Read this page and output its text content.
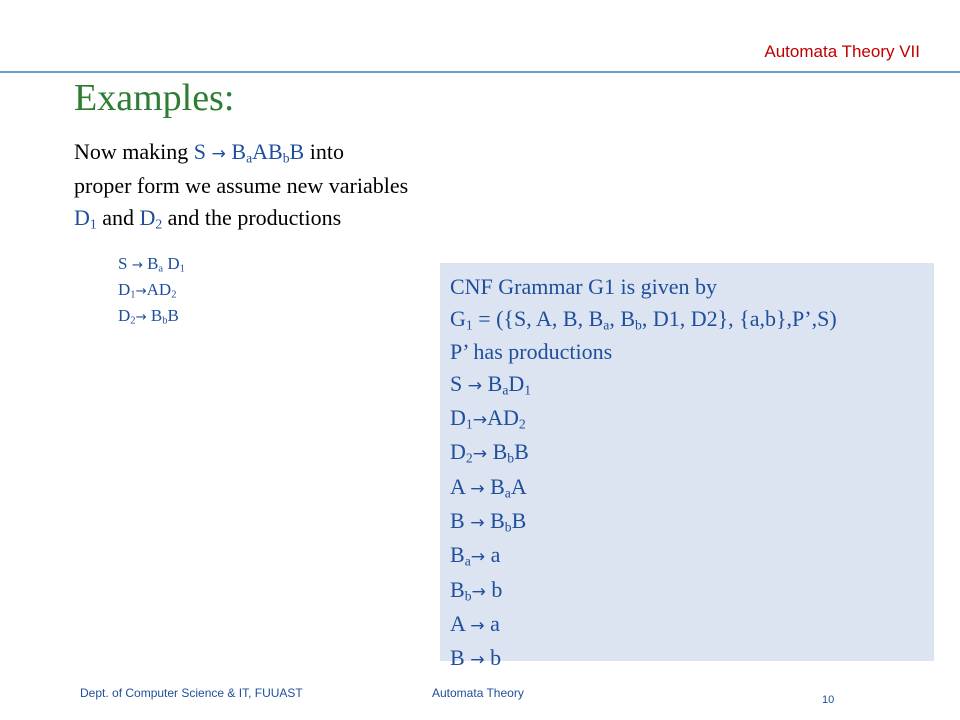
Automata Theory VII
Examples:
Now making $S \to B_aAB_bB$ into
proper form we assume new variables
$D_1$ and $D_2$ and the productions
$S \to B_a$ $D_1$
$D_1\to AD_2$
$D_2\to B_bB$
CNF Grammar G1 is given by
$G_1 = (\{S$, A, B, $B_a$, $B_b$, D1, D2}, {a,b},P’,S)
P’ has productions
$S \to B_aD_1$
$D_1\to AD_2$
$D_2\to B_bB$
$A \to B_aA$
$B \to B_bB$
$B_a\to a$
$B_b\to b$
A → a
B → b
Dept. of Computer Science & IT, FUUAST	Automata Theory	10
